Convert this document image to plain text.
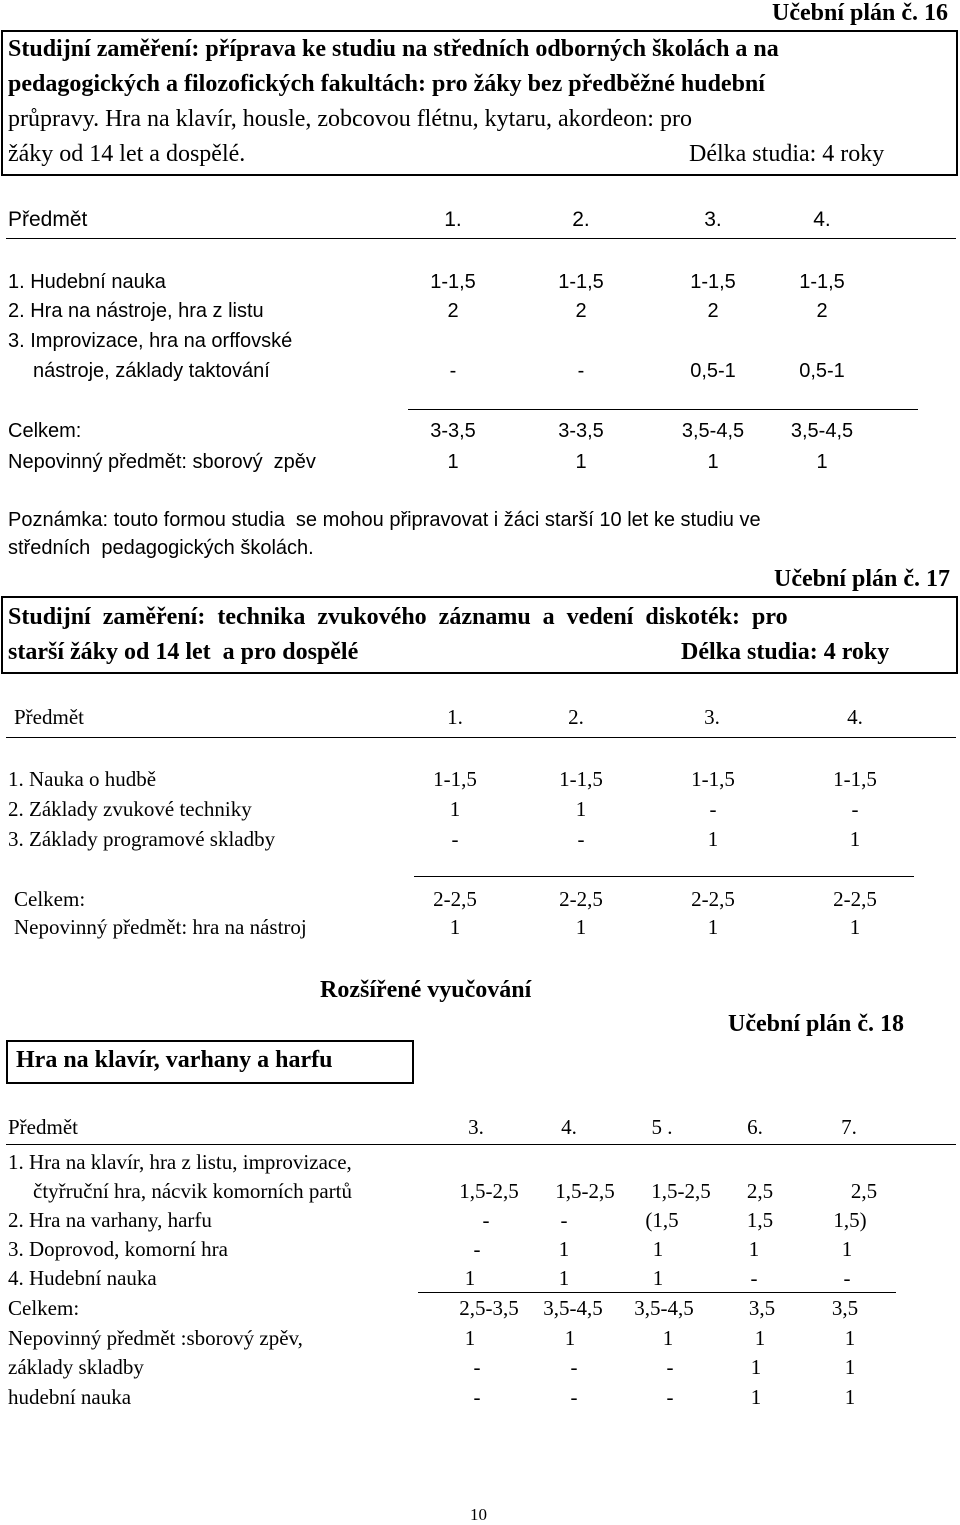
Učební plán č. 16
Studijní zaměření: příprava ke studiu na středních odborných školách a na
pedagogických a filozofických fakultách: pro žáky bez předběžné hudební
průpravy. Hra na klavír, housle, zobcovou flétnu, kytaru, akordeon: pro
žáky od 14 let a dospělé.	Délka studia: 4 roky
Předmět	1.	2.	3.	4.
1. Hudební nauka	1-1,5	1-1,5	1-1,5	1-1,5
2. Hra na nástroje, hra z listu	2	2	2	2
3. Improvizace, hra na orffovské
nástroje, základy taktování	-	-	0,5-1	0,5-1
Celkem:	3-3,5	3-3,5	3,5-4,5	3,5-4,5
Nepovinný předmět: sborový  zpěv	1	1	1	1
Poznámka: touto formou studia  se mohou připravovat i žáci starší 10 let ke studiu ve
středních  pedagogických školách.
Učební plán č. 17
Studijní  zaměření:  technika  zvukového  záznamu  a  vedení  diskoték:  pro
starší žáky od 14 let  a pro dospělé	Délka studia: 4 roky
Předmět	1.	2.	3.	4.
1. Nauka o hudbě	1-1,5	1-1,5	1-1,5	1-1,5
2. Základy zvukové techniky	1	1	-	-
3. Základy programové skladby	-	-	1	1
Celkem:	2-2,5	2-2,5	2-2,5	2-2,5
Nepovinný předmět: hra na nástroj	1	1	1	1
Rozšířené vyučování
Učební plán č. 18
Hra na klavír, varhany a harfu
Předmět	3.	4.	5 .	6.	7.
1. Hra na klavír, hra z listu, improvizace,
čtyřruční hra, nácvik komorních partů	1,5-2,5	1,5-2,5	1,5-2,5	2,5	2,5
2. Hra na varhany, harfu	-	-	(1,5	1,5	1,5)
3. Doprovod, komorní hra	-	1	1	1	1
4. Hudební nauka	1	1	1	-	-
Celkem:	2,5-3,5	3,5-4,5	3,5-4,5	3,5	3,5
Nepovinný předmět :sborový zpěv,	1	1	1	1	1
základy skladby	-	-	-	1	1
hudební nauka	-	-	-	1	1
10
